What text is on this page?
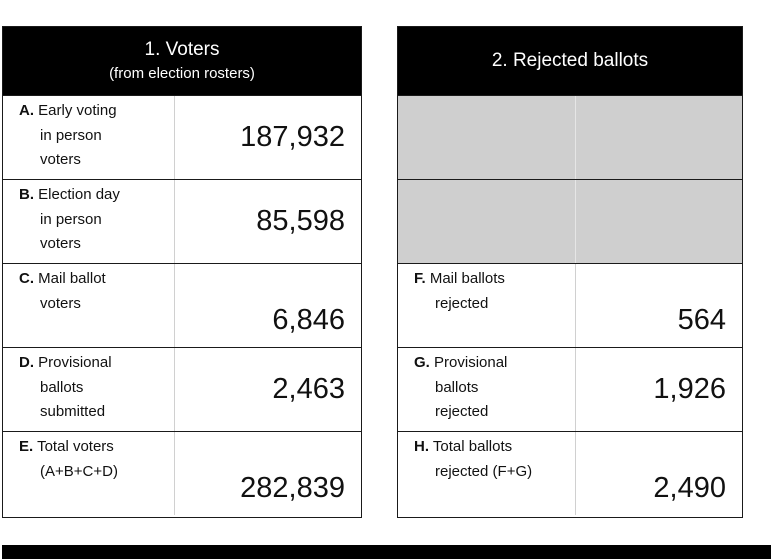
1. Voters
(from election rosters)
A. Early voting
in person
voters
187,932
B. Election day
in person
voters
85,598
C. Mail ballot
voters
6,846
D. Provisional
ballots
submitted
2,463
E. Total voters
(A+B+C+D)
282,839
2. Rejected ballots
F. Mail ballots
rejected
564
G. Provisional
ballots
rejected
1,926
H. Total ballots
rejected (F+G)
2,490
